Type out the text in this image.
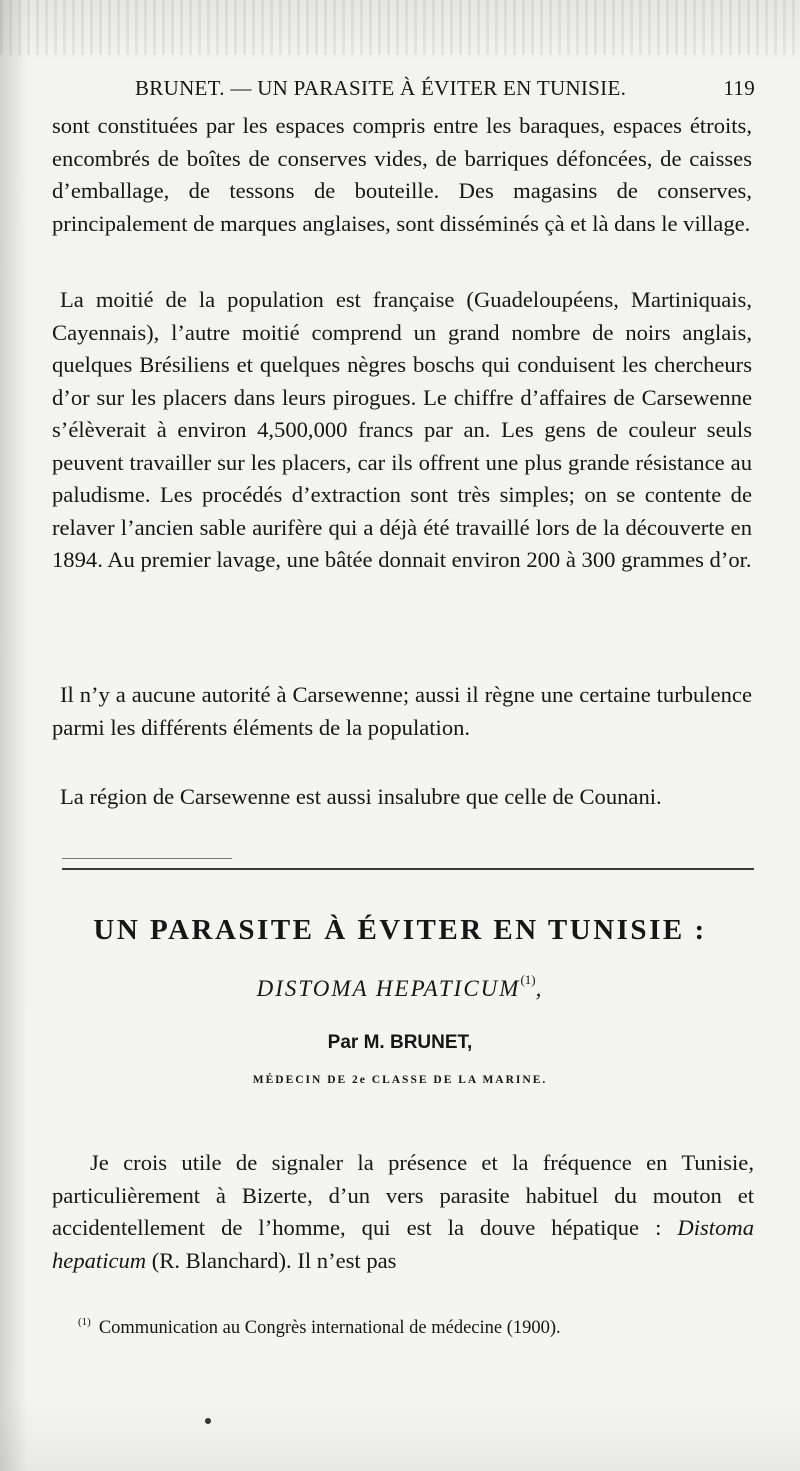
BRUNET. — UN PARASITE À ÉVITER EN TUNISIE.	119

sont constituées par les espaces compris entre les baraques, espaces étroits, encombrés de boîtes de conserves vides, de barriques défoncées, de caisses d’emballage, de tessons de bouteille. Des magasins de conserves, principalement de marques anglaises, sont disséminés çà et là dans le village.

La moitié de la population est française (Guadeloupéens, Martiniquais, Cayennais), l’autre moitié comprend un grand nombre de noirs anglais, quelques Brésiliens et quelques nègres boschs qui conduisent les chercheurs d’or sur les placers dans leurs pirogues. Le chiffre d’affaires de Carsewenne s’élèverait à environ 4,500,000 francs par an. Les gens de couleur seuls peuvent travailler sur les placers, car ils offrent une plus grande résistance au paludisme. Les procédés d’extraction sont très simples; on se contente de relaver l’ancien sable aurifère qui a déjà été travaillé lors de la découverte en 1894. Au premier lavage, une bâtée donnait environ 200 à 300 grammes d’or.

Il n’y a aucune autorité à Carsewenne; aussi il règne une certaine turbulence parmi les différents éléments de la population.

La région de Carsewenne est aussi insalubre que celle de Counani.

UN PARASITE À ÉVITER EN TUNISIE :
DISTOMA HEPATICUM$^{(1)}$,
Par M. BRUNET,
MÉDECIN DE 2e CLASSE DE LA MARINE.

Je crois utile de signaler la présence et la fréquence en Tunisie, particulièrement à Bizerte, d’un vers parasite habituel du mouton et accidentellement de l’homme, qui est la douve hépatique : Distoma hepaticum (R. Blanchard). Il n’est pas

$^{(1)}$ Communication au Congrès international de médecine (1900).
